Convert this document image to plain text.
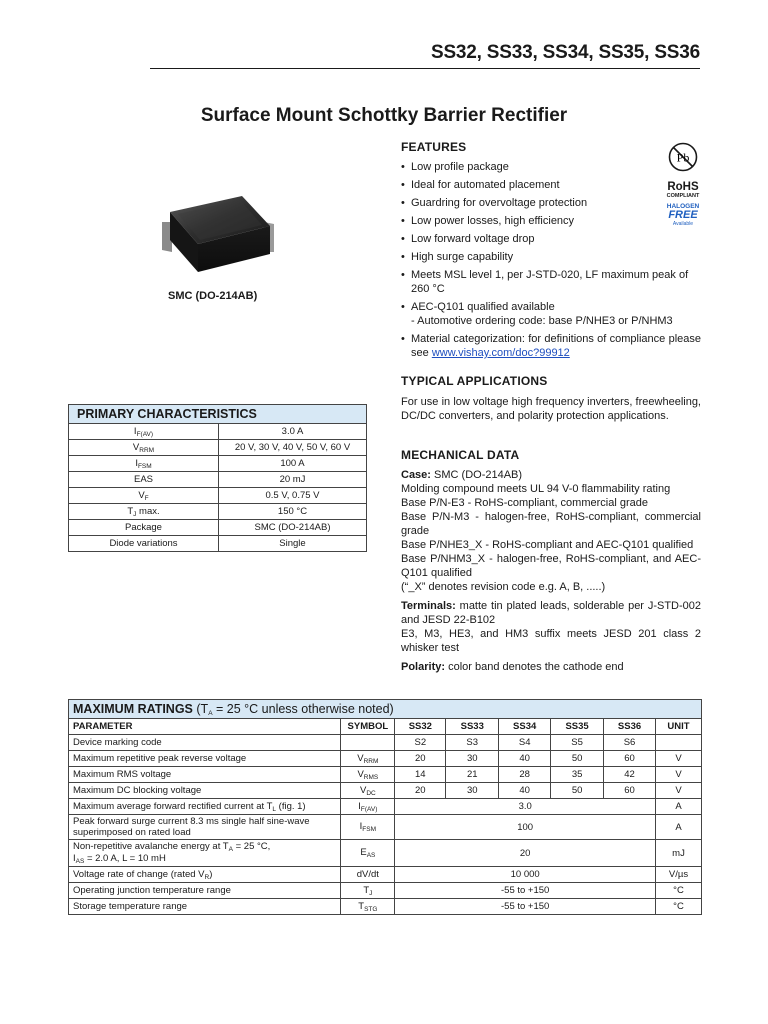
SS32, SS33, SS34, SS35, SS36
Surface Mount Schottky Barrier Rectifier
SMC (DO-214AB)
Pb
RoHS
COMPLIANT
HALOGEN
FREE
Available
FEATURES
• Low profile package
• Ideal for automated placement
• Guardring for overvoltage protection
• Low power losses, high efficiency
• Low forward voltage drop
• High surge capability
• Meets MSL level 1, per J-STD-020, LF maximum peak of 260 °C
• AEC-Q101 qualified available
- Automotive ordering code: base P/NHE3 or P/NHM3
• Material categorization: for definitions of compliance please see www.vishay.com/doc?99912
TYPICAL APPLICATIONS

For use in low voltage high frequency inverters, freewheeling, DC/DC converters, and polarity protection applications.

MECHANICAL DATA
Case: SMC (DO-214AB)
Molding compound meets UL 94 V-0 flammability rating
Base P/N-E3 - RoHS-compliant, commercial grade
Base P/N-M3 - halogen-free, RoHS-compliant, commercial grade
Base P/NHE3_X - RoHS-compliant and AEC-Q101 qualified
Base P/NHM3_X - halogen-free, RoHS-compliant, and AEC-Q101 qualified
(“_X” denotes revision code e.g. A, B, .....)
Terminals: matte tin plated leads, solderable per J-STD-002 and JESD 22-B102
E3, M3, HE3, and HM3 suffix meets JESD 201 class 2 whisker test
Polarity: color band denotes the cathode end
PRIMARY CHARACTERISTICS	
$I_{F(AV)}$	3.0 A
$V_{RRM}$	20 V, 30 V, 40 V, 50 V, 60 V
$I_{FSM}$	100 A
EAS	20 mJ
$V_F$	0.5 V, 0.75 V
$T_J$ max.	150 °C
Package	SMC (DO-214AB)
Diode variations	Single
MAXIMUM RATINGS ($T_A = 25$ °C unless otherwise noted)							
PARAMETER	SYMBOL	SS32	SS33	SS34	SS35	SS36	UNIT
Device marking code		S2	S3	S4	S5	S6	
Maximum repetitive peak reverse voltage	$V_{RRM}$	20	30	40	50	60	V
Maximum RMS voltage	$V_{RMS}$	14	21	28	35	42	V
Maximum DC blocking voltage	$V_{DC}$	20	30	40	50	60	V
Maximum average forward rectified current at $T_L$ (fig. 1)	$I_{F(AV)}$	3.0					A
Peak forward surge current 8.3 ms single half sine-wave
superimposed on rated load	$I_{FSM}$	100					A
Non-repetitive avalanche energy at $T_A = 25$ °C,
$I_{AS} = 2.0$ A, L = 10 mH	$E_{AS}$	20					mJ
Voltage rate of change (rated $V_R$)	dV/dt	10 000					V/µs
Operating junction temperature range	$T_J$	-55 to +150					°C
Storage temperature range	$T_{STG}$	-55 to +150					°C
